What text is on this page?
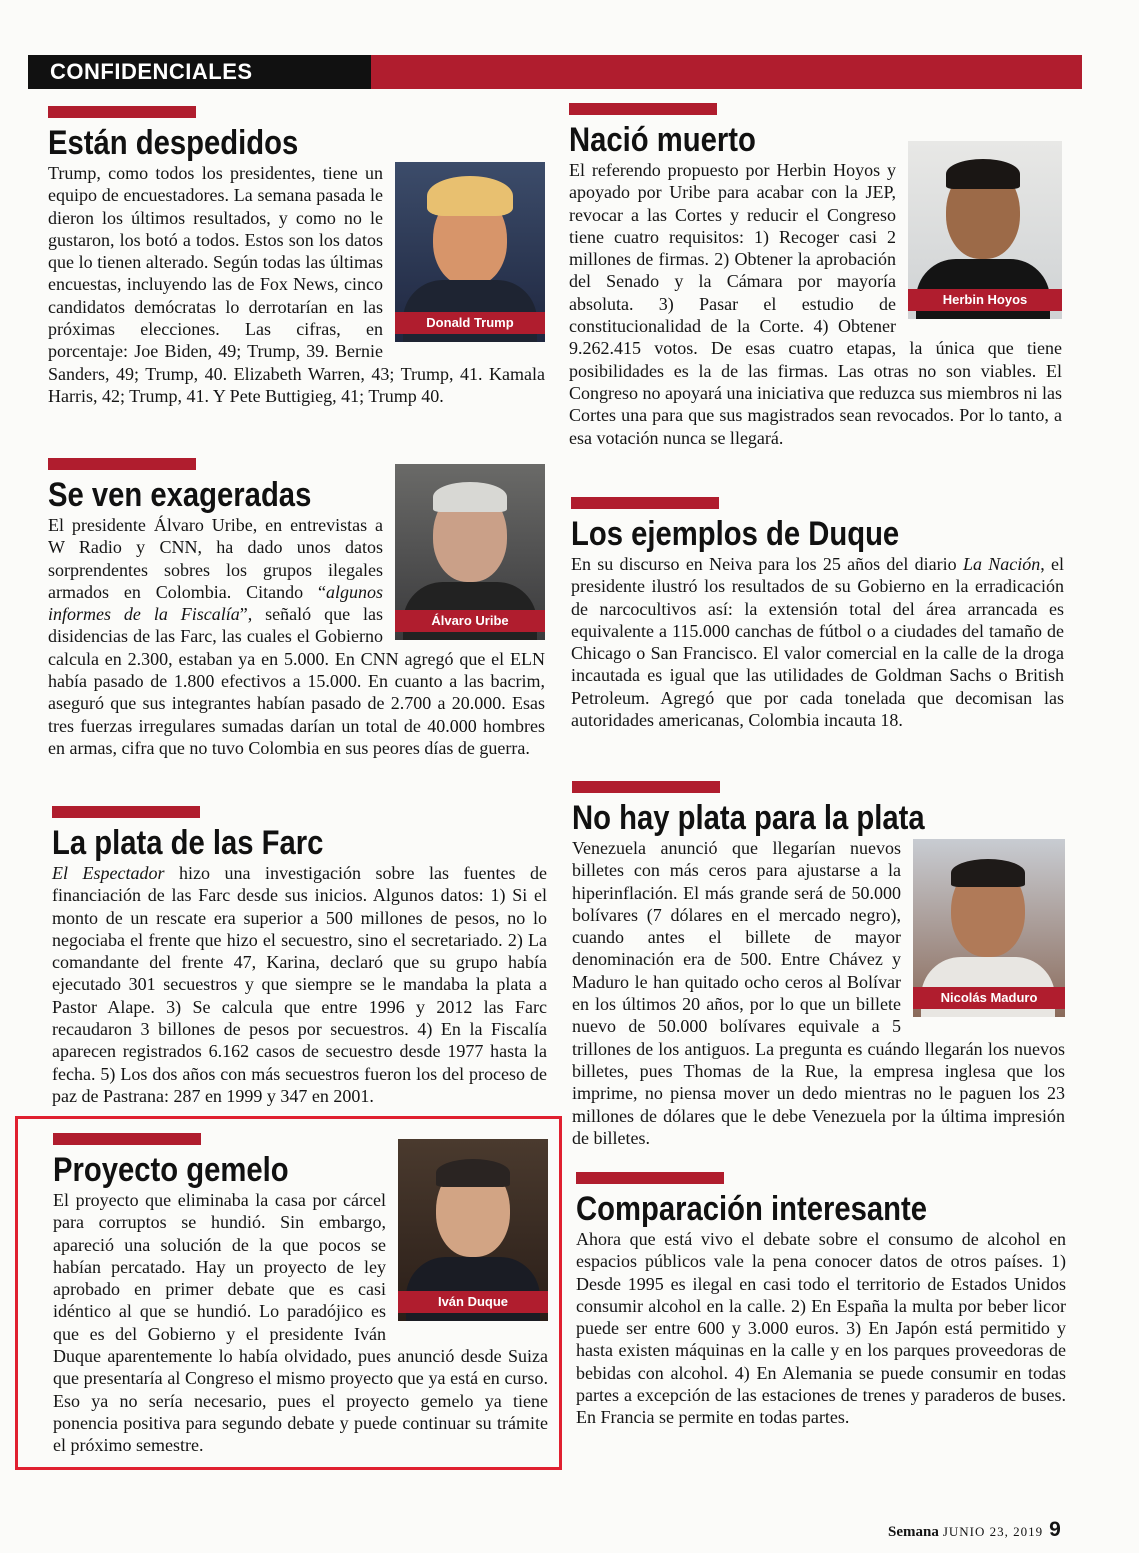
CONFIDENCIALES
Están despedidos
Donald Trump
Trump, como todos los presidentes, tiene un equipo de encuestadores. La semana pasada le dieron los últimos resultados, y como no le gustaron, los botó a todos. Estos son los datos que lo tienen alterado. Según todas las últimas encuestas, incluyendo las de Fox News, cinco candidatos demócratas lo derrotarían en las próximas elecciones. Las cifras, en porcentaje: Joe Biden, 49; Trump, 39. Bernie Sanders, 49; Trump, 40. Elizabeth Warren, 43; Trump, 41. Kamala Harris, 42; Trump, 41. Y Pete Buttigieg, 41; Trump 40.
Se ven exageradas
Álvaro Uribe
El presidente Álvaro Uribe, en entrevistas a W Radio y CNN, ha dado unos datos sorprendentes sobres los grupos ilegales armados en Colombia. Citando “algunos informes de la Fiscalía”, señaló que las disidencias de las Farc, las cuales el Gobierno calcula en 2.300, estaban ya en 5.000. En CNN agregó que el ELN había pasado de 1.800 efectivos a 15.000. En cuanto a las bacrim, aseguró que sus integrantes habían pasado de 2.700 a 20.000. Esas tres fuerzas irregulares sumadas darían un total de 40.000 hombres en armas, cifra que no tuvo Colombia en sus peores días de guerra.
La plata de las Farc
El Espectador hizo una investigación sobre las fuentes de financiación de las Farc desde sus inicios. Algunos datos: 1) Si el monto de un rescate era superior a 500 millones de pesos, no lo negociaba el frente que hizo el secuestro, sino el secretariado. 2) La comandante del frente 47, Karina, declaró que su grupo había ejecutado 301 secuestros y que siempre se le mandaba la plata a Pastor Alape. 3) Se calcula que entre 1996 y 2012 las Farc recaudaron 3 billones de pesos por secuestros. 4) En la Fiscalía aparecen registrados 6.162 casos de secuestro desde 1977 hasta la fecha. 5) Los dos años con más secuestros fueron los del proceso de paz de Pastrana: 287 en 1999 y 347 en 2001.
Proyecto gemelo
Iván Duque
El proyecto que eliminaba la casa por cárcel para corruptos se hundió. Sin embargo, apareció una solución de la que pocos se habían percatado. Hay un proyecto de ley aprobado en primer debate que es casi idéntico al que se hundió. Lo paradójico es que es del Gobierno y el presidente Iván Duque aparentemente lo había olvidado, pues anunció desde Suiza que presentaría al Congreso el mismo proyecto que ya está en curso. Eso ya no sería necesario, pues el proyecto gemelo ya tiene ponencia positiva para segundo debate y puede continuar su trámite el próximo semestre.
Nació muerto
Herbin Hoyos
El referendo propuesto por Herbin Hoyos y apoyado por Uribe para acabar con la JEP, revocar a las Cortes y reducir el Congreso tiene cuatro requisitos: 1) Recoger casi 2 millones de firmas. 2) Obtener la aprobación del Senado y la Cámara por mayoría absoluta. 3) Pasar el estudio de constitucionalidad de la Corte. 4) Obtener 9.262.415 votos. De esas cuatro etapas, la única que tiene posibilidades es la de las firmas. Las otras no son viables. El Congreso no apoyará una iniciativa que reduzca sus miembros ni las Cortes una para que sus magistrados sean revocados. Por lo tanto, a esa votación nunca se llegará.
Los ejemplos de Duque
En su discurso en Neiva para los 25 años del diario La Nación, el presidente ilustró los resultados de su Gobierno en la erradicación de narcocultivos así: la extensión total del área arrancada es equivalente a 115.000 canchas de fútbol o a ciudades del tamaño de Chicago o San Francisco. El valor comercial en la calle de la droga incautada es igual que las utilidades de Goldman Sachs o British Petroleum. Agregó que por cada tonelada que decomisan las autoridades americanas, Colombia incauta 18.
No hay plata para la plata
Nicolás Maduro
Venezuela anunció que llegarían nuevos billetes con más ceros para ajustarse a la hiperinflación. El más grande será de 50.000 bolívares (7 dólares en el mercado negro), cuando antes el billete de mayor denominación era de 500. Entre Chávez y Maduro le han quitado ocho ceros al Bolívar en los últimos 20 años, por lo que un billete nuevo de 50.000 bolívares equivale a 5 trillones de los antiguos. La pregunta es cuándo llegarán los nuevos billetes, pues Thomas de la Rue, la empresa inglesa que los imprime, no piensa mover un dedo mientras no le paguen los 23 millones de dólares que le debe Venezuela por la última impresión de billetes.
Comparación interesante
Ahora que está vivo el debate sobre el consumo de alcohol en espacios públicos vale la pena conocer datos de otros países. 1) Desde 1995 es ilegal en casi todo el territorio de Estados Unidos consumir alcohol en la calle. 2) En España la multa por beber licor puede ser entre 600 y 3.000 euros. 3) En Japón está permitido y hasta existen máquinas en la calle y en los parques proveedoras de bebidas con alcohol. 4) En Alemania se puede consumir en todas partes a excepción de las estaciones de trenes y paraderos de buses. En Francia se permite en todas partes.
Semana JUNIO 23, 2019 9
